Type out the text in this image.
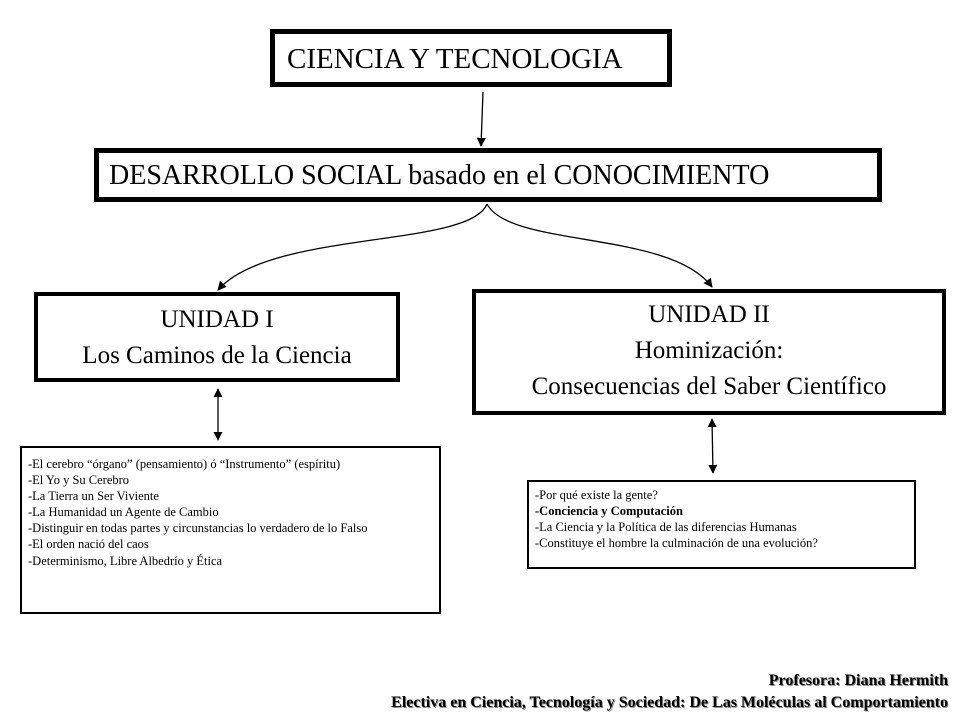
CIENCIA Y TECNOLOGIA
DESARROLLO SOCIAL basado en el CONOCIMIENTO
UNIDAD I
Los Caminos de la Ciencia
UNIDAD II
Hominización:
Consecuencias del Saber Científico
-El cerebro “órgano” (pensamiento) ó “Instrumento” (espíritu)
-El Yo y Su Cerebro
-La Tierra un Ser Viviente
-La Humanidad un Agente de Cambio
-Distinguir en todas partes y circunstancias lo verdadero de lo Falso
-El orden nació del caos
-Determinismo, Libre Albedrío y Ética
-Por qué existe la gente?
-Conciencia y Computación
-La Ciencia y la Política de las diferencias Humanas
-Constituye el hombre la culminación de una evolución?
Profesora: Diana Hermith
Electiva en Ciencia, Tecnología y Sociedad: De Las Moléculas al Comportamiento
